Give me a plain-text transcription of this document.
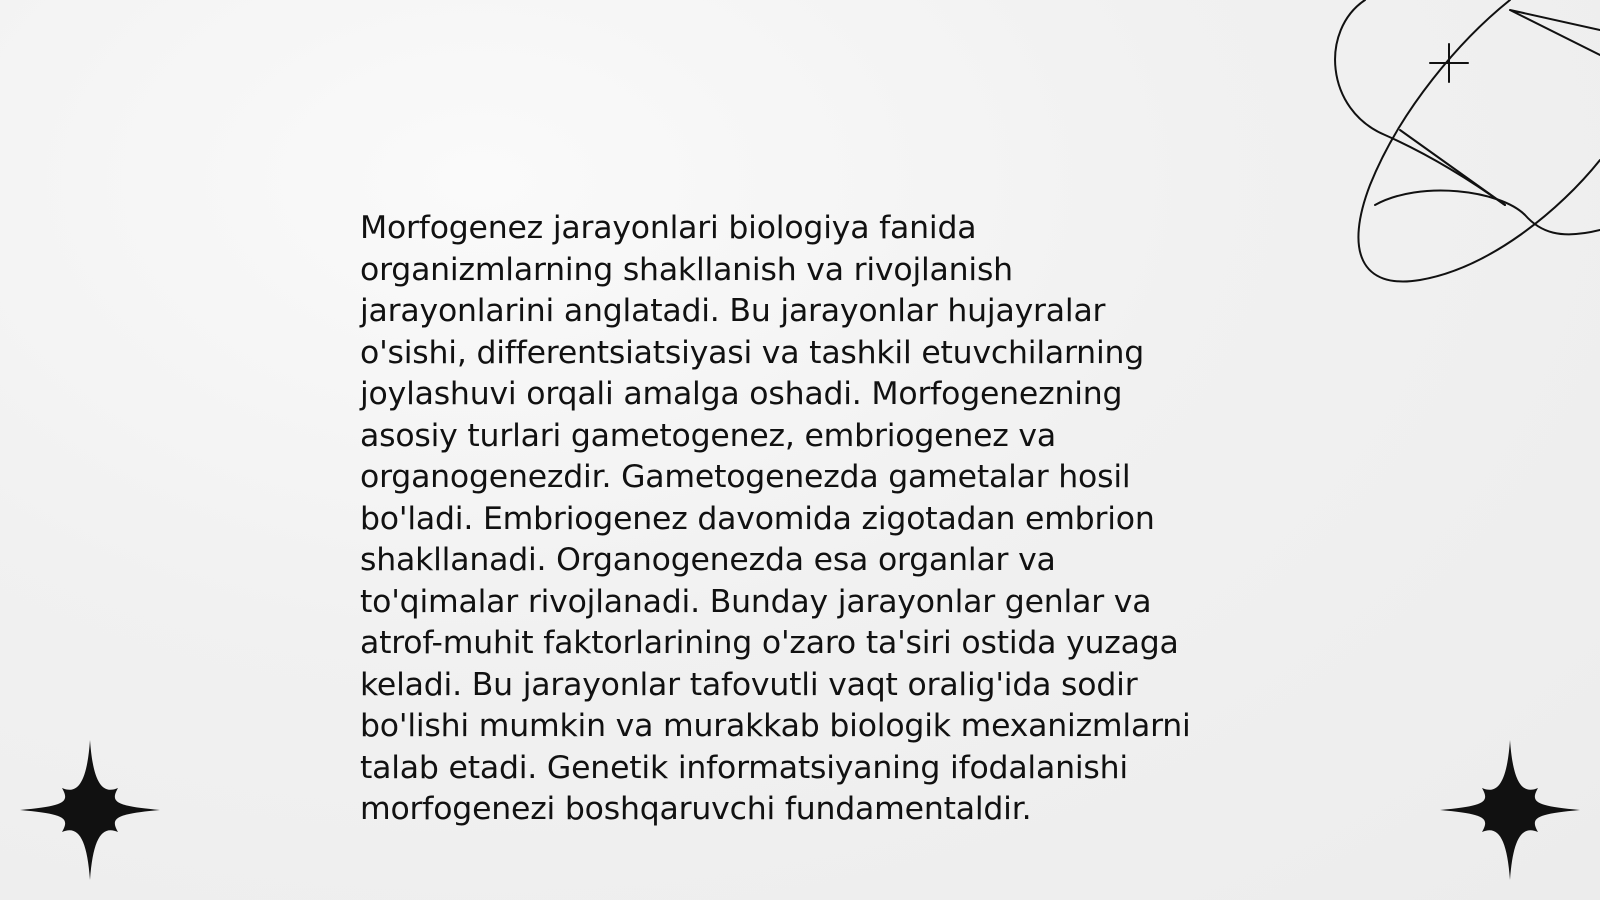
Morfogenez jarayonlari biologiya fanida
organizmlarning shakllanish va rivojlanish
jarayonlarini anglatadi. Bu jarayonlar hujayralar
o'sishi, differentsiatsiyasi va tashkil etuvchilarning
joylashuvi orqali amalga oshadi. Morfogenezning
asosiy turlari gametogenez, embriogenez va
organogenezdir. Gametogenezda gametalar hosil
bo'ladi. Embriogenez davomida zigotadan embrion
shakllanadi. Organogenezda esa organlar va
to'qimalar rivojlanadi. Bunday jarayonlar genlar va
atrof-muhit faktorlarining o'zaro ta'siri ostida yuzaga
keladi. Bu jarayonlar tafovutli vaqt oralig'ida sodir
bo'lishi mumkin va murakkab biologik mexanizmlarni
talab etadi. Genetik informatsiyaning ifodalanishi
morfogenezi boshqaruvchi fundamentaldir.
